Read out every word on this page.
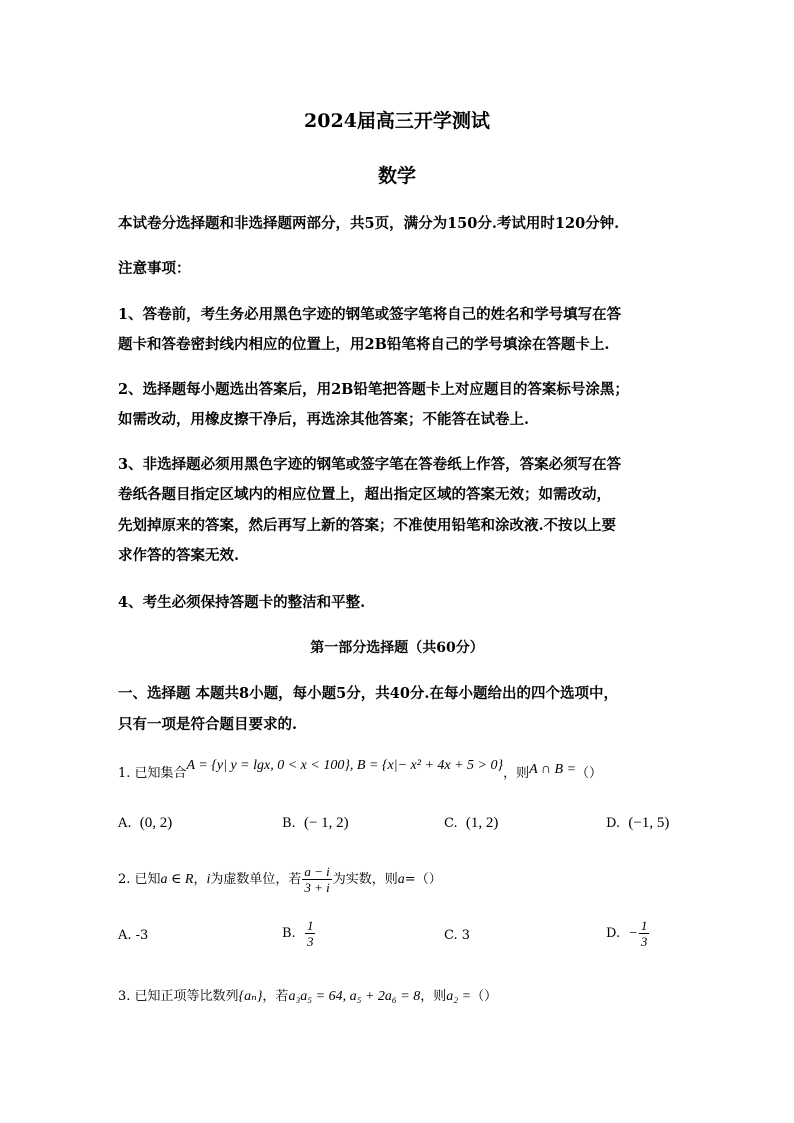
2024届高三开学测试
数学
本试卷分选择题和非选择题两部分，共5页，满分为150分.考试用时120分钟.
注意事项：
1、答卷前，考生务必用黑色字迹的钢笔或签字笔将自己的姓名和学号填写在答
题卡和答卷密封线内相应的位置上，用2B铅笔将自己的学号填涂在答题卡上.
2、选择题每小题选出答案后，用2B铅笔把答题卡上对应题目的答案标号涂黑；
如需改动，用橡皮擦干净后，再选涂其他答案；不能答在试卷上.
3、非选择题必须用黑色字迹的钢笔或签字笔在答卷纸上作答，答案必须写在答
卷纸各题目指定区域内的相应位置上，超出指定区域的答案无效；如需改动，
先划掉原来的答案，然后再写上新的答案；不准使用铅笔和涂改液.不按以上要
求作答的答案无效.
4、考生必须保持答题卡的整洁和平整.
第一部分选择题（共60分）
一、选择题 本题共8小题，每小题5分，共40分.在每小题给出的四个选项中，
只有一项是符合题目要求的.
1. 已知集合A = {y| y = lgx, 0 < x < 100}, B = {x|− x² + 4x + 5 > 0}，则A ∩ B =（）
A. (0, 2)	B. (− 1, 2)	C. (1, 2)	D. (−1, 5)
2. 已知a ∈ R，i为虚数单位，若 $\frac{a - i}{3 + i}$ 为实数，则a=（）
A. -3	B. $\frac{1}{3}$	C. 3	D. − $\frac{1}{3}$
3. 已知正项等比数列{aₙ}，若a₃a₅ = 64, a₅ + 2a₆ = 8，则a₂ =（）
